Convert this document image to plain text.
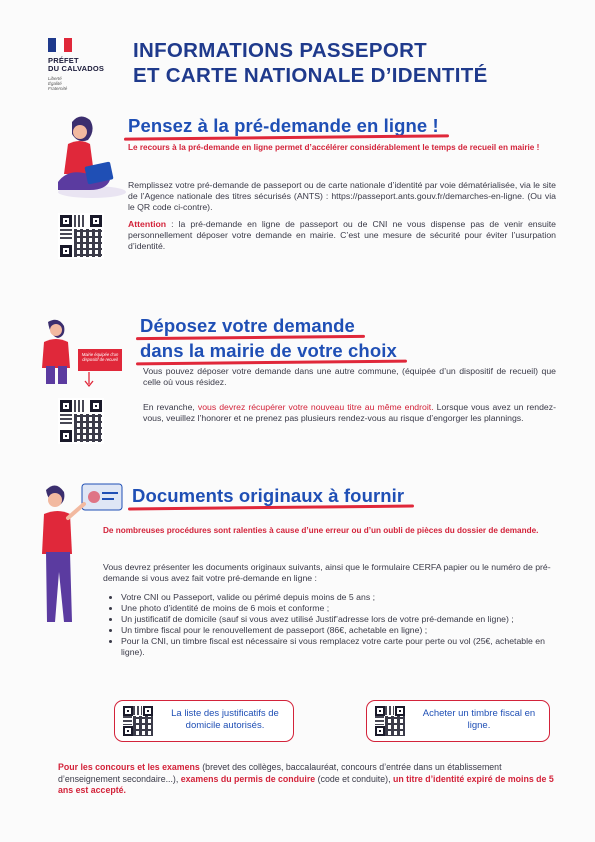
PRÉFET
DU CALVADOS
Liberté
Égalité
Fraternité
INFORMATIONS PASSEPORT
ET CARTE NATIONALE D’IDENTITÉ
Pensez à la pré-demande en ligne !
Le recours à la pré-demande en ligne permet d’accélérer considérablement le temps de recueil en mairie !

Remplissez votre pré-demande de passeport ou de carte nationale d’identité par voie dématérialisée, via le site de l’Agence nationale des titres sécurisés (ANTS) : https://passeport.ants.gouv.fr/demarches-en-ligne. (Ou via le QR code ci-contre).

Attention : la pré-demande en ligne de passeport ou de CNI ne vous dispense pas de venir ensuite personnellement déposer votre demande en mairie. C’est une mesure de sécurité pour éviter l’usurpation d’identité.

Mairie équipée d’un dispositif de recueil
Déposez votre demande
dans la mairie de votre choix

Vous pouvez déposer votre demande dans une autre commune, (équipée d’un dispositif de recueil) que celle où vous résidez.

En revanche, vous devrez récupérer votre nouveau titre au même endroit. Lorsque vous avez un rendez-vous, veuillez l’honorer et ne prenez pas plusieurs rendez-vous au risque d’engorger les plannings.

Documents originaux à fournir
De nombreuses procédures sont ralenties à cause d’une erreur ou d’un oubli de pièces du dossier de demande.

Vous devrez présenter les documents originaux suivants, ainsi que le formulaire CERFA papier ou le numéro de pré-demande si vous avez fait votre pré-demande en ligne :

• Votre CNI ou Passeport, valide ou périmé depuis moins de 5 ans ;
• Une photo d’identité de moins de 6 mois et conforme ;
• Un justificatif de domicile (sauf si vous avez utilisé Justif’adresse lors de votre pré-demande en ligne) ;
• Un timbre fiscal pour le renouvellement de passeport (86€, achetable en ligne) ;
• Pour la CNI, un timbre fiscal est nécessaire si vous remplacez votre carte pour perte ou vol (25€, achetable en ligne).
La liste des justificatifs de domicile autorisés.
Acheter un timbre fiscal en ligne.
Pour les concours et les examens (brevet des collèges, baccalauréat, concours d’entrée dans un établissement d’enseignement secondaire...), examens du permis de conduire (code et conduite), un titre d’identité expiré de moins de 5 ans est accepté.
